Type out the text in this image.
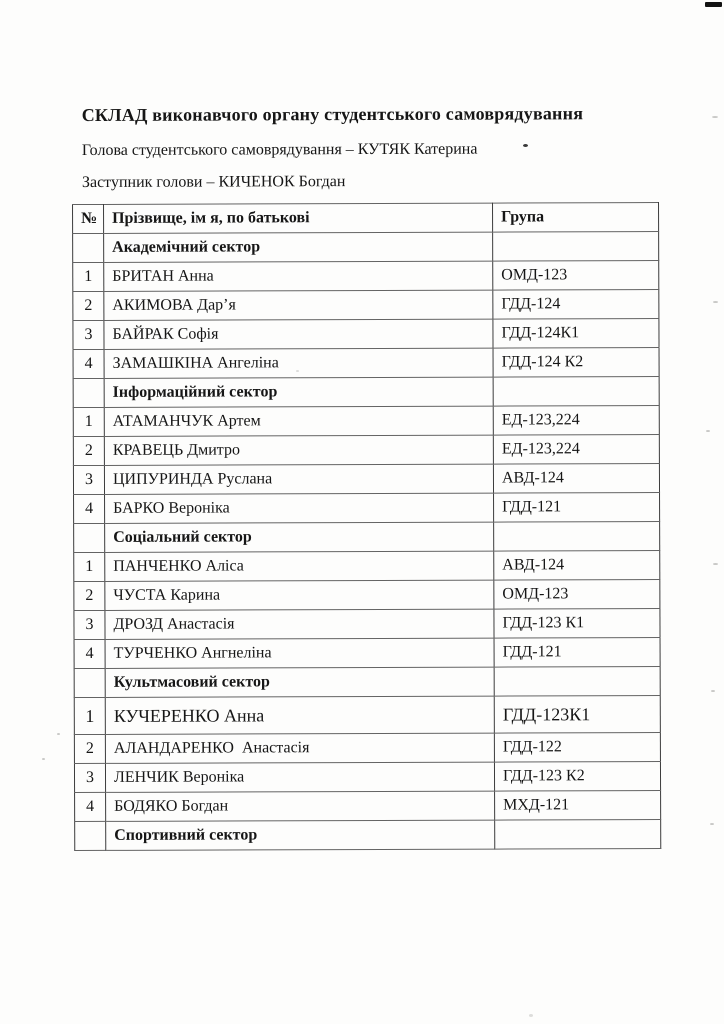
СКЛАД виконавчого органу студентського самоврядування

Голова студентського самоврядування – КУТЯК Катерина

Заступник голови – КИЧЕНОК Богдан

№	Прізвище, ім я, по батькові	Група
	Академічний сектор	
1	БРИТАН Анна	ОМД-123
2	АКИМОВА Дар’я	ГДД-124
3	БАЙРАК Софія	ГДД-124К1
4	ЗАМАШКІНА Ангеліна	ГДД-124 К2
	Інформаційний сектор	
1	АТАМАНЧУК Артем	ЕД-123,224
2	КРАВЕЦЬ Дмитро	ЕД-123,224
3	ЦИПУРИНДА Руслана	АВД-124
4	БАРКО Вероніка	ГДД-121
	Соціальний сектор	
1	ПАНЧЕНКО Аліса	АВД-124
2	ЧУСТА Карина	ОМД-123
3	ДРОЗД Анастасія	ГДД-123 К1
4	ТУРЧЕНКО Ангнеліна	ГДД-121
	Культмасовий сектор	
1	КУЧЕРЕНКО Анна	ГДД-123К1
2	АЛАНДАРЕНКО  Анастасія	ГДД-122
3	ЛЕНЧИК Вероніка	ГДД-123 К2
4	БОДЯКО Богдан	МХД-121
	Спортивний сектор	
